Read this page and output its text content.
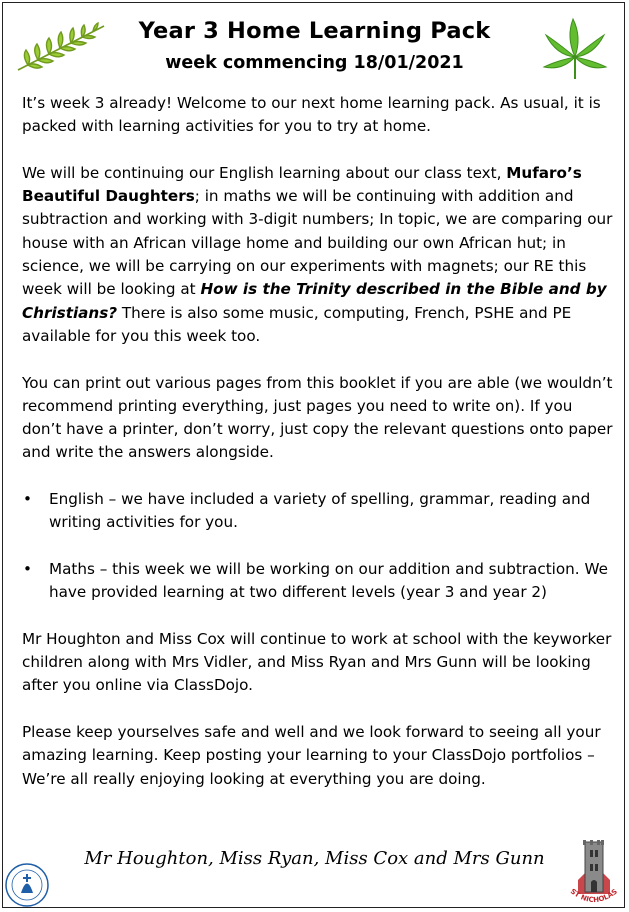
Year 3 Home Learning Pack
week commencing 18/01/2021

It’s week 3 already! Welcome to our next home learning pack. As usual, it is packed with learning activities for you to try at home.

We will be continuing our English learning about our class text, Mufaro’s Beautiful Daughters; in maths we will be continuing with addition and subtraction and working with 3-digit numbers; In topic, we are comparing our house with an African village home and building our own African hut; in science, we will be carrying on our experiments with magnets; our RE this week will be looking at How is the Trinity described in the Bible and by Christians? There is also some music, computing, French, PSHE and PE available for you this week too.

You can print out various pages from this booklet if you are able (we wouldn’t recommend printing everything, just pages you need to write on). If you don’t have a printer, don’t worry, just copy the relevant questions onto paper and write the answers alongside.

• English – we have included a variety of spelling, grammar, reading and writing activities for you.
• Maths – this week we will be working on our addition and subtraction. We have provided learning at two different levels (year 3 and year 2)

Mr Houghton and Miss Cox will continue to work at school with the keyworker children along with Mrs Vidler, and Miss Ryan and Mrs Gunn will be looking after you online via ClassDojo.

Please keep yourselves safe and well and we look forward to seeing all your amazing learning. Keep posting your learning to your ClassDojo portfolios – We’re all really enjoying looking at everything you are doing.

Mr Houghton, Miss Ryan, Miss Cox and Mrs Gunn
ST NICHOLAS
